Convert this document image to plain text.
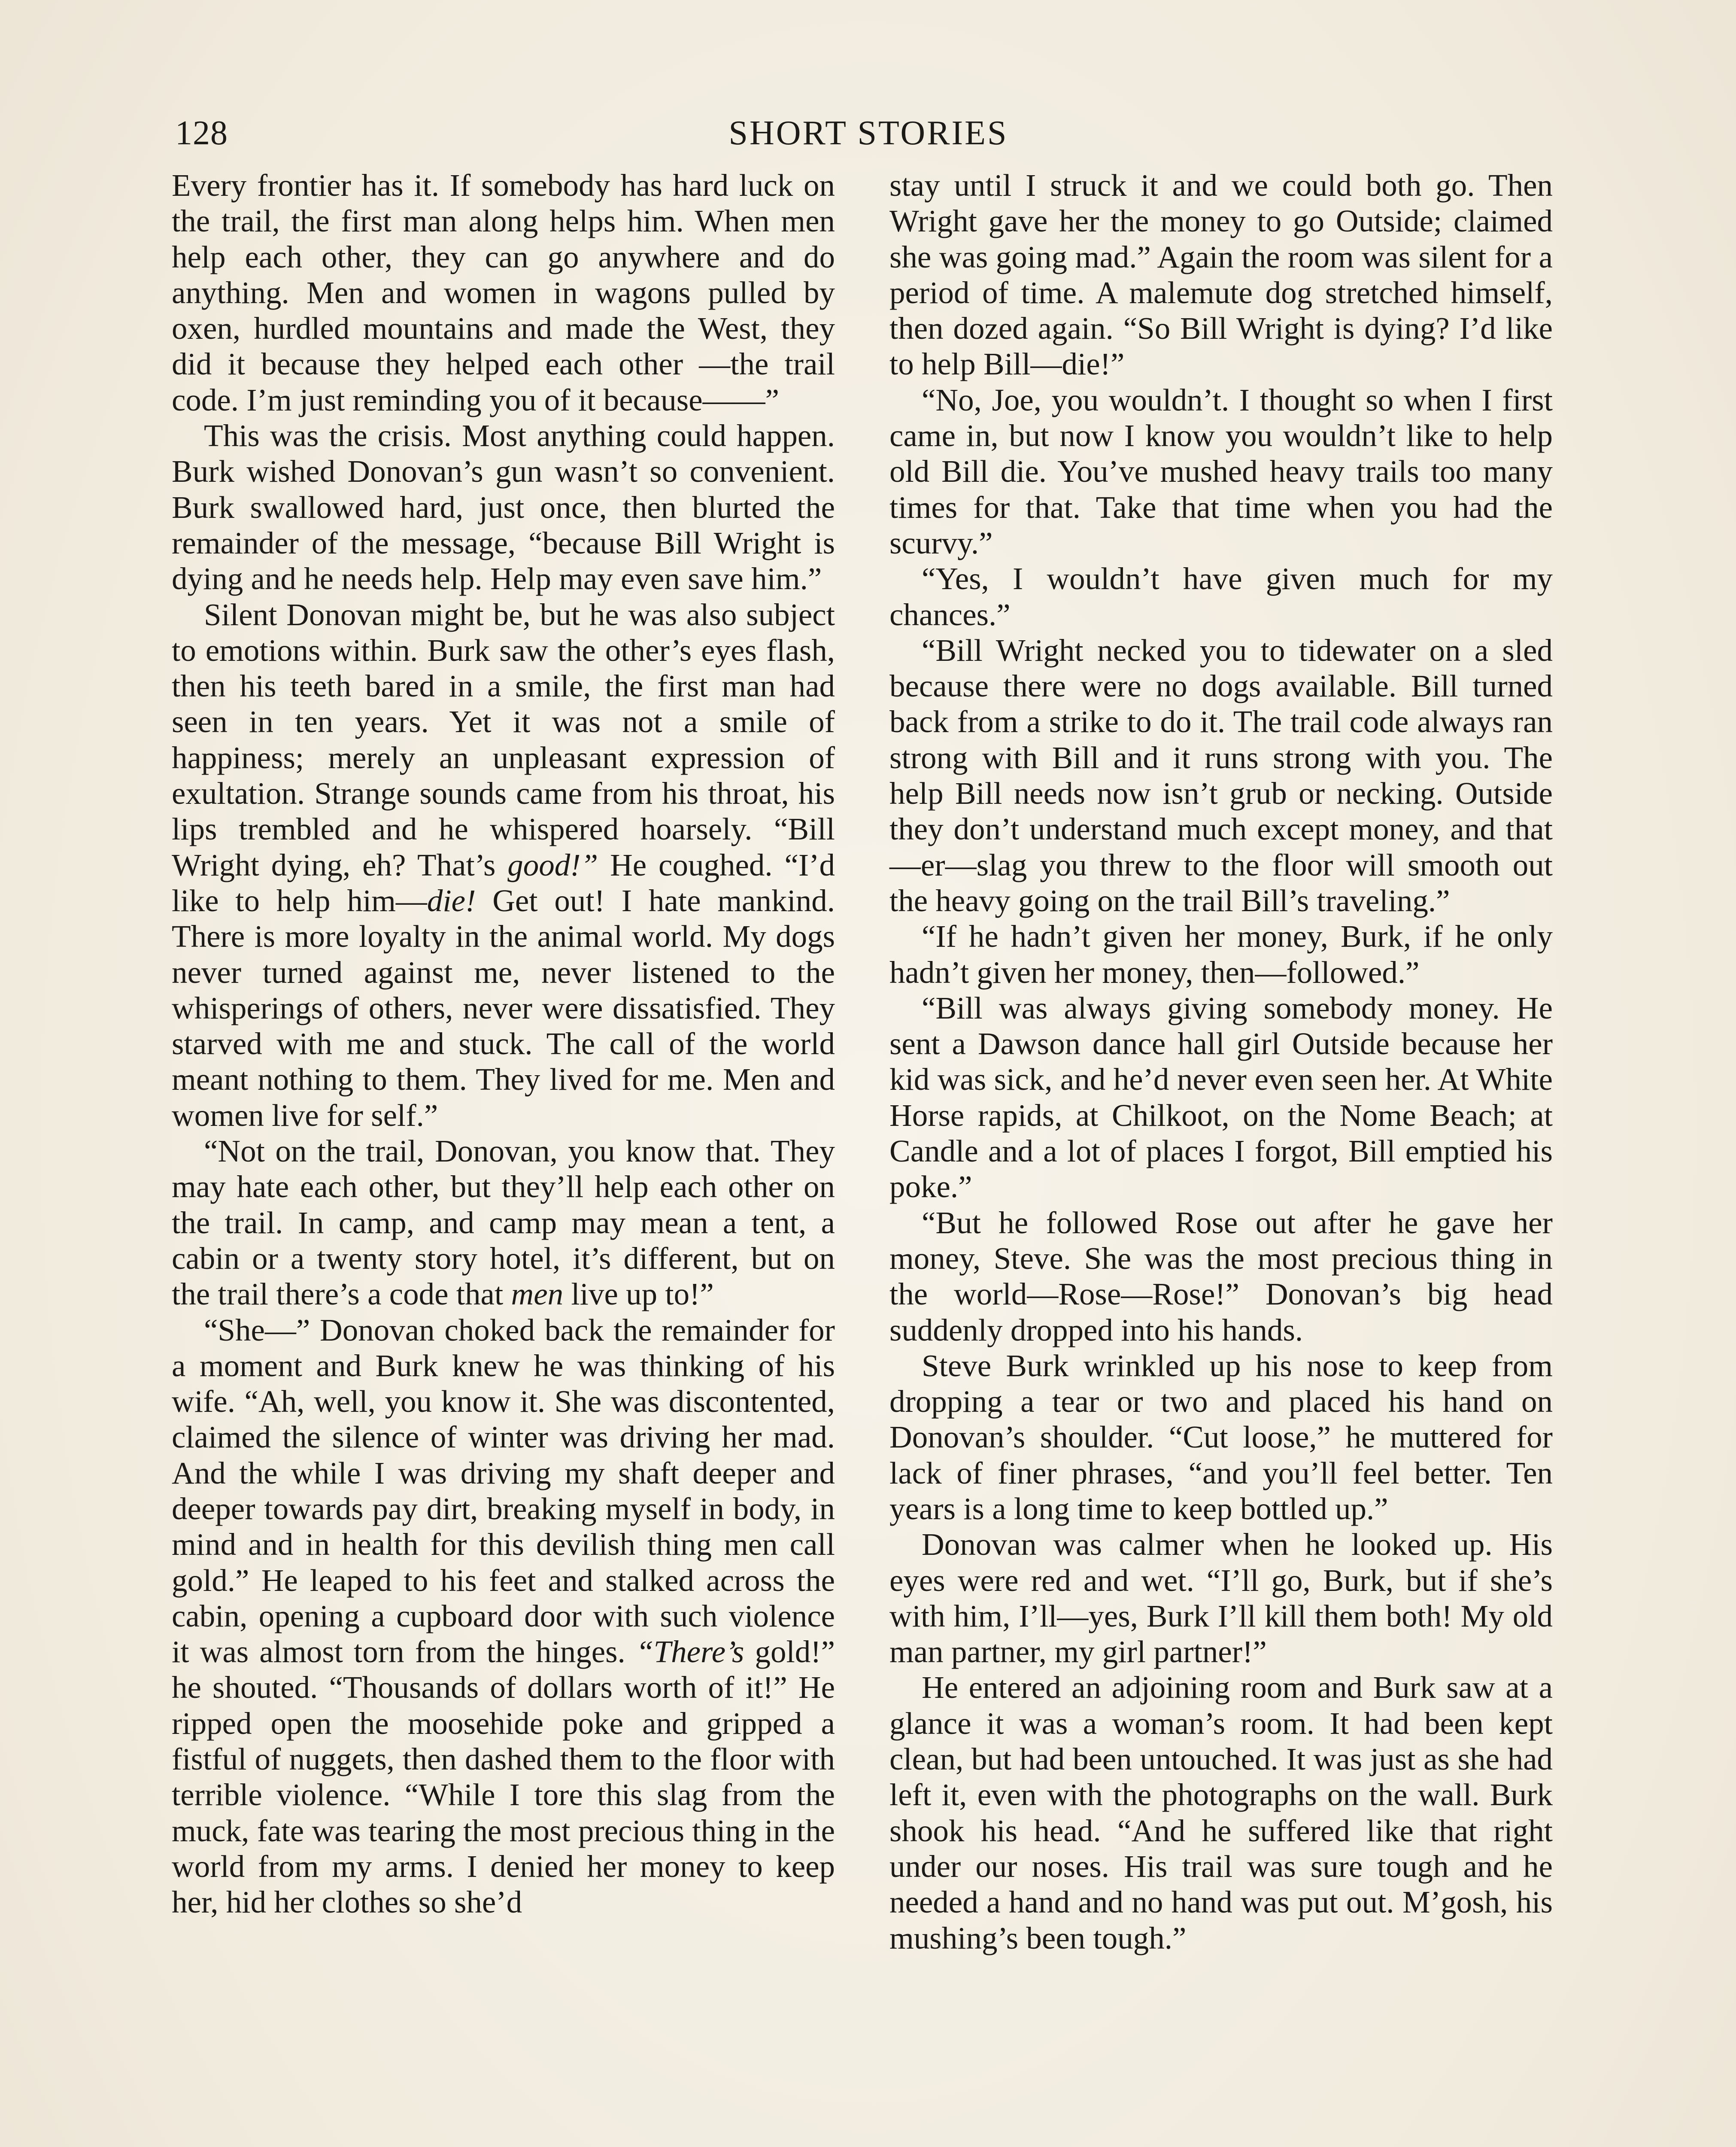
128	SHORT STORIES

Every frontier has it. If somebody has hard luck on the trail, the first man along helps him. When men help each other, they can go anywhere and do anything. Men and women in wagons pulled by oxen, hurdled mountains and made the West, they did it because they helped each other —the trail code. I’m just reminding you of it because——”

This was the crisis. Most anything could happen. Burk wished Donovan’s gun wasn’t so convenient. Burk swallowed hard, just once, then blurted the remainder of the message, “because Bill Wright is dying and he needs help. Help may even save him.”

Silent Donovan might be, but he was also subject to emotions within. Burk saw the other’s eyes flash, then his teeth bared in a smile, the first man had seen in ten years. Yet it was not a smile of happiness; merely an unpleasant expression of exultation. Strange sounds came from his throat, his lips trembled and he whispered hoarsely. “Bill Wright dying, eh? That’s good!” He coughed. “I’d like to help him—die! Get out! I hate mankind. There is more loyalty in the animal world. My dogs never turned against me, never listened to the whisperings of others, never were dissatisfied. They starved with me and stuck. The call of the world meant nothing to them. They lived for me. Men and women live for self.”

“Not on the trail, Donovan, you know that. They may hate each other, but they’ll help each other on the trail. In camp, and camp may mean a tent, a cabin or a twenty story hotel, it’s different, but on the trail there’s a code that men live up to!”

“She—” Donovan choked back the remainder for a moment and Burk knew he was thinking of his wife. “Ah, well, you know it. She was discontented, claimed the silence of winter was driving her mad. And the while I was driving my shaft deeper and deeper towards pay dirt, breaking myself in body, in mind and in health for this devilish thing men call gold.” He leaped to his feet and stalked across the cabin, opening a cupboard door with such violence it was almost torn from the hinges. “There’s gold!” he shouted. “Thousands of dollars worth of it!” He ripped open the moosehide poke and gripped a fistful of nuggets, then dashed them to the floor with terrible violence. “While I tore this slag from the muck, fate was tearing the most precious thing in the world from my arms. I denied her money to keep her, hid her clothes so she’d

stay until I struck it and we could both go. Then Wright gave her the money to go Outside; claimed she was going mad.” Again the room was silent for a period of time. A malemute dog stretched himself, then dozed again. “So Bill Wright is dying? I’d like to help Bill—die!”

“No, Joe, you wouldn’t. I thought so when I first came in, but now I know you wouldn’t like to help old Bill die. You’ve mushed heavy trails too many times for that. Take that time when you had the scurvy.”

“Yes, I wouldn’t have given much for my chances.”

“Bill Wright necked you to tidewater on a sled because there were no dogs available. Bill turned back from a strike to do it. The trail code always ran strong with Bill and it runs strong with you. The help Bill needs now isn’t grub or necking. Outside they don’t understand much except money, and that—er—slag you threw to the floor will smooth out the heavy going on the trail Bill’s traveling.”

“If he hadn’t given her money, Burk, if he only hadn’t given her money, then—followed.”

“Bill was always giving somebody money. He sent a Dawson dance hall girl Outside because her kid was sick, and he’d never even seen her. At White Horse rapids, at Chilkoot, on the Nome Beach; at Candle and a lot of places I forgot, Bill emptied his poke.”

“But he followed Rose out after he gave her money, Steve. She was the most precious thing in the world—Rose—Rose!” Donovan’s big head suddenly dropped into his hands.

Steve Burk wrinkled up his nose to keep from dropping a tear or two and placed his hand on Donovan’s shoulder. “Cut loose,” he muttered for lack of finer phrases, “and you’ll feel better. Ten years is a long time to keep bottled up.”

Donovan was calmer when he looked up. His eyes were red and wet. “I’ll go, Burk, but if she’s with him, I’ll—yes, Burk I’ll kill them both! My old man partner, my girl partner!”

He entered an adjoining room and Burk saw at a glance it was a woman’s room. It had been kept clean, but had been untouched. It was just as she had left it, even with the photographs on the wall. Burk shook his head. “And he suffered like that right under our noses. His trail was sure tough and he needed a hand and no hand was put out. M’gosh, his mushing’s been tough.”
